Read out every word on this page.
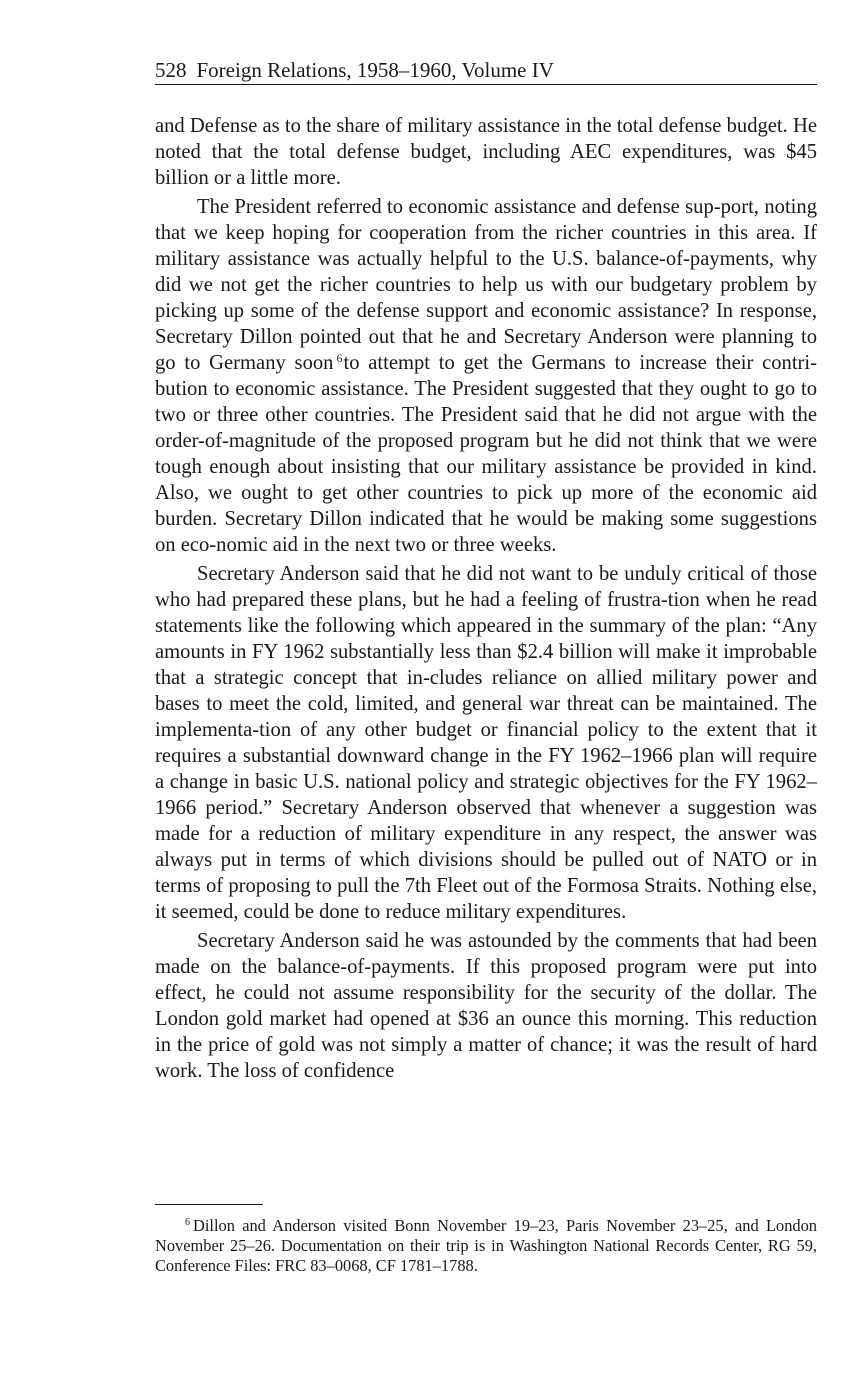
528 Foreign Relations, 1958–1960, Volume IV

and Defense as to the share of military assistance in the total defense budget. He noted that the total defense budget, including AEC expenditures, was $45 billion or a little more.

The President referred to economic assistance and defense sup-port, noting that we keep hoping for cooperation from the richer countries in this area. If military assistance was actually helpful to the U.S. balance-of-payments, why did we not get the richer countries to help us with our budgetary problem by picking up some of the defense support and economic assistance? In response, Secretary Dillon pointed out that he and Secretary Anderson were planning to go to Germany soon $^6$to attempt to get the Germans to increase their contri-bution to economic assistance. The President suggested that they ought to go to two or three other countries. The President said that he did not argue with the order-of-magnitude of the proposed program but he did not think that we were tough enough about insisting that our military assistance be provided in kind. Also, we ought to get other countries to pick up more of the economic aid burden. Secretary Dillon indicated that he would be making some suggestions on eco-nomic aid in the next two or three weeks.

Secretary Anderson said that he did not want to be unduly critical of those who had prepared these plans, but he had a feeling of frustra-tion when he read statements like the following which appeared in the summary of the plan: “Any amounts in FY 1962 substantially less than $2.4 billion will make it improbable that a strategic concept that in-cludes reliance on allied military power and bases to meet the cold, limited, and general war threat can be maintained. The implementa-tion of any other budget or financial policy to the extent that it requires a substantial downward change in the FY 1962–1966 plan will require a change in basic U.S. national policy and strategic objectives for the FY 1962–1966 period.” Secretary Anderson observed that whenever a suggestion was made for a reduction of military expenditure in any respect, the answer was always put in terms of which divisions should be pulled out of NATO or in terms of proposing to pull the 7th Fleet out of the Formosa Straits. Nothing else, it seemed, could be done to reduce military expenditures.

Secretary Anderson said he was astounded by the comments that had been made on the balance-of-payments. If this proposed program were put into effect, he could not assume responsibility for the security of the dollar. The London gold market had opened at $36 an ounce this morning. This reduction in the price of gold was not simply a matter of chance; it was the result of hard work. The loss of confidence

$^6$ Dillon and Anderson visited Bonn November 19–23, Paris November 23–25, and London November 25–26. Documentation on their trip is in Washington National Records Center, RG 59, Conference Files: FRC 83–0068, CF 1781–1788.
